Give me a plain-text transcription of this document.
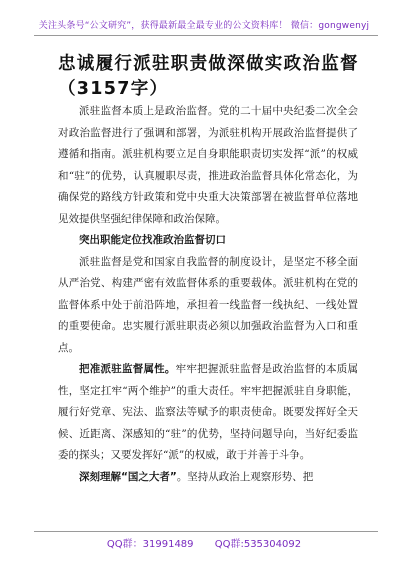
关注头条号“公文研究”，获得最新最全最专业的公文资料库！ 微信：gongwenyj
忠诚履行派驻职责做深做实政治监督（3157字）

派驻监督本质上是政治监督。党的二十届中央纪委二次全会对政治监督进行了强调和部署，为派驻机构开展政治监督提供了遵循和指南。派驻机构要立足自身职能职责切实发挥“派”的权威和“驻”的优势，认真履职尽责，推进政治监督具体化常态化，为确保党的路线方针政策和党中央重大决策部署在被监督单位落地见效提供坚强纪律保障和政治保障。

突出职能定位找准政治监督切口

派驻监督是党和国家自我监督的制度设计，是坚定不移全面从严治党、构建严密有效监督体系的重要载体。派驻机构在党的监督体系中处于前沿阵地，承担着一线监督一线执纪、一线处置的重要使命。忠实履行派驻职责必须以加强政治监督为入口和重点。

把准派驻监督属性。牢牢把握派驻监督是政治监督的本质属性，坚定扛牢“两个维护”的重大责任。牢牢把握派驻自身职能，履行好党章、宪法、监察法等赋予的职责使命。既要发挥好全天候、近距离、深感知的“驻”的优势，坚持问题导向，当好纪委监委的探头；又要发挥好“派”的权威，敢于并善于斗争。

深刻理解“国之大者”。坚持从政治上观察形势、把

QQ群：31991489 QQ群:535304092
